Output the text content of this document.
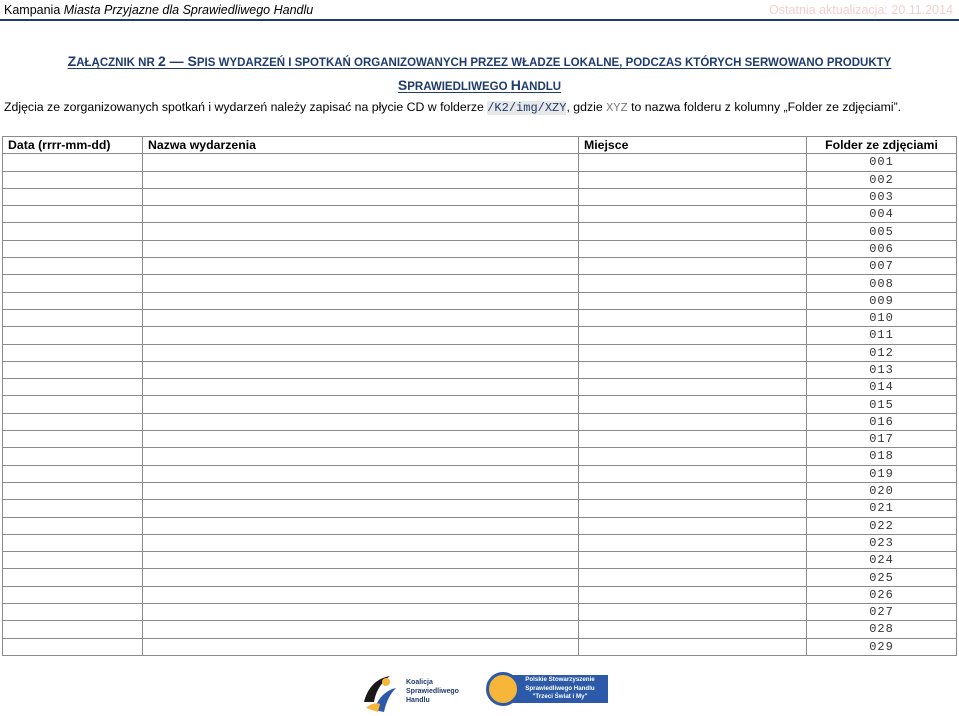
Kampania Miasta Przyjazne dla Sprawiedliwego Handlu	Ostatnia aktualizacja: 20.11.2014
ZAŁĄCZNIK NR 2 — SPIS WYDARZEŃ I SPOTKAŃ ORGANIZOWANYCH PRZEZ WŁADZE LOKALNE, PODCZAS KTÓRYCH SERWOWANO PRODUKTY
SPRAWIEDLIWEGO HANDLU
Zdjęcia ze zorganizowanych spotkań i wydarzeń należy zapisać na płycie CD w folderze /K2/img/XZY, gdzie XYZ to nazwa folderu z kolumny „Folder ze zdjęciami”.
Data (rrrr-mm-dd)	Nazwa wydarzenia	Miejsce	Folder ze zdjęciami
			001
			002
			003
			004
			005
			006
			007
			008
			009
			010
			011
			012
			013
			014
			015
			016
			017
			018
			019
			020
			021
			022
			023
			024
			025
			026
			027
			028
			029
Koalicja
Sprawiedliwego
Handlu
Polskie Stowarzyszenie
Sprawiedliwego Handlu
"Trzeci Świat i My"
